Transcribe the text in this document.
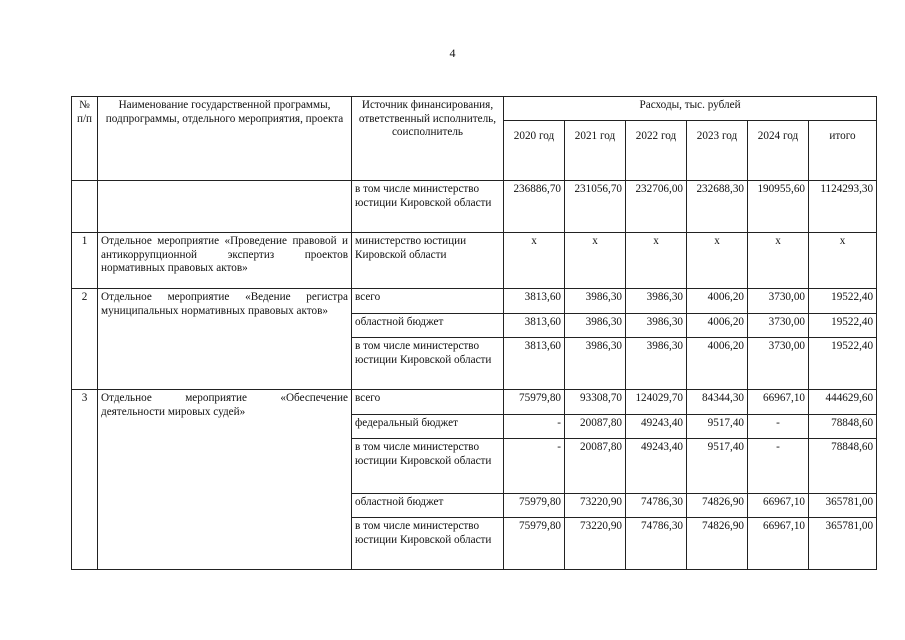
4
№ п/п	Наименование государственной программы, подпрограммы, отдельного мероприятия, проекта	Источник финансирования, ответственный исполнитель, соисполнитель	Расходы, тыс. рублей					
			2020 год	2021 год	2022 год	2023 год	2024 год	итого
		в том числе министерство юстиции Кировской области	236886,70	231056,70	232706,00	232688,30	190955,60	1124293,30
1	Отдельное мероприятие «Проведение правовой и антикоррупционной экспертиз проектов нормативных правовых актов»	министерство юстиции Кировской области	x	x	x	x	x	x
2	Отдельное мероприятие «Ведение регистра муниципальных нормативных правовых актов»	всего	3813,60	3986,30	3986,30	4006,20	3730,00	19522,40
		областной бюджет	3813,60	3986,30	3986,30	4006,20	3730,00	19522,40
		в том числе министерство юстиции Кировской области	3813,60	3986,30	3986,30	4006,20	3730,00	19522,40
3	Отдельное мероприятие «Обеспечение деятельности мировых судей»	всего	75979,80	93308,70	124029,70	84344,30	66967,10	444629,60
		федеральный бюджет	-	20087,80	49243,40	9517,40	-	78848,60
		в том числе министерство юстиции Кировской области	-	20087,80	49243,40	9517,40	-	78848,60
		областной бюджет	75979,80	73220,90	74786,30	74826,90	66967,10	365781,00
		в том числе министерство юстиции Кировской области	75979,80	73220,90	74786,30	74826,90	66967,10	365781,00
